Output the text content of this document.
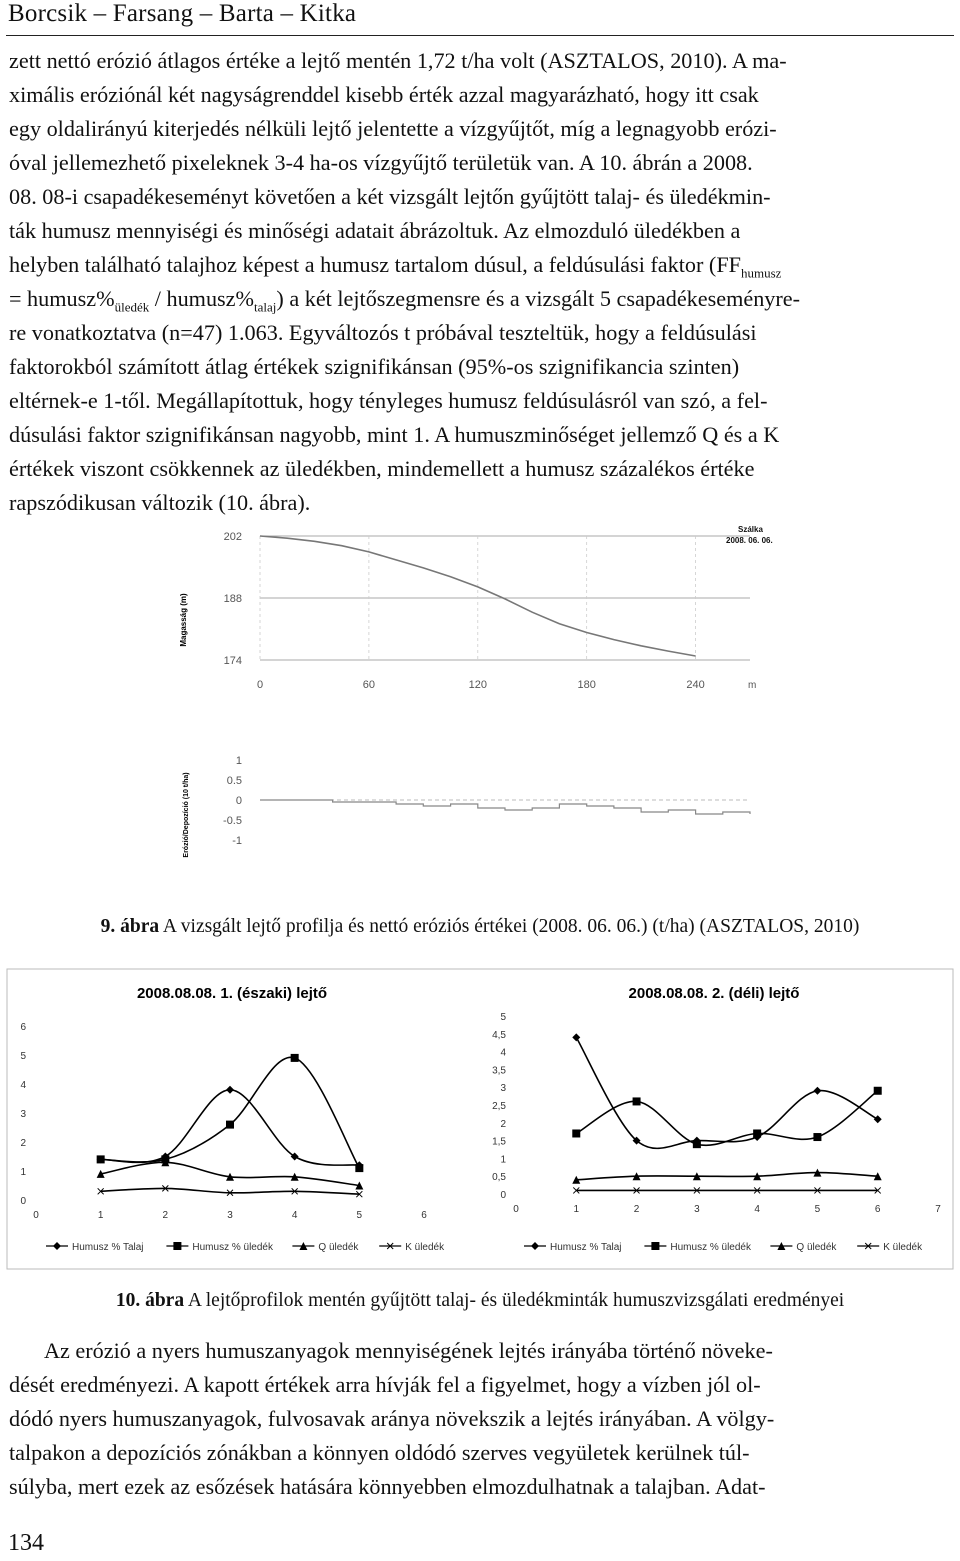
Borcsik – Farsang – Barta – Kitka

zett nettó erózió átlagos értéke a lejtő mentén 1,72 t/ha volt (ASZTALOS, 2010). A ma-

ximális eróziónál két nagyságrenddel kisebb érték azzal magyarázható, hogy itt csak

egy oldalirányú kiterjedés nélküli lejtő jelentette a vízgyűjtőt, míg a legnagyobb erózi-

óval jellemezhető pixeleknek 3-4 ha-os vízgyűjtő területük van. A 10. ábrán a 2008.

08. 08-i csapadékeseményt követően a két vizsgált lejtőn gyűjtött talaj- és üledékmin-

ták humusz mennyiségi és minőségi adatait ábrázoltuk. Az elmozduló üledékben a

helyben található talajhoz képest a humusz tartalom dúsul, a feldúsulási faktor ($FF_{humusz}$

= $humusz\%_{üledék}$ / $humusz\%_{talaj}$) a két lejtőszegmensre és a vizsgált 5 csapadékeseményre-

re vonatkoztatva (n=47) 1.063. Egyváltozós t próbával teszteltük, hogy a feldúsulási

faktorokból számított átlag értékek szignifikánsan (95%-os szignifikancia szinten)

eltérnek-e 1-től. Megállapítottuk, hogy tényleges humusz feldúsulásról van szó, a fel-

dúsulási faktor szignifikánsan nagyobb, mint 1. A humuszminőséget jellemző Q és a K

értékek viszont csökkennek az üledékben, mindemellett a humusz százalékos értéke

rapszódikusan változik (10. ábra).

174
188
202
0	60	120	180	240
-1
-0.5
0
0.5
1
Szálka
2008. 06. 06.
Magasság (m)
m
Erózió/Depozíció (10 t/ha)
9. ábra A vizsgált lejtő profilja és nettó eróziós értékei (2008. 06. 06.) (t/ha) (ASZTALOS, 2010)
0
1
2
3
4
5
6
0	1	2	3	4	5	6
0
0,5
1
1,5
2
2,5
3
3,5
4
4,5
5
0	1	2	3	4	5	6	7
2008.08.08. 1. (északi) lejtő	2008.08.08. 2. (déli) lejtő
Humusz % Talaj	Humusz % üledék	Q üledék	K üledék	Humusz % Talaj	Humusz % üledék	Q üledék	K üledék
10. ábra A lejtőprofilok mentén gyűjtött talaj- és üledékminták humuszvizsgálati eredményei

Az erózió a nyers humuszanyagok mennyiségének lejtés irányába történő növeke-

dését eredményezi. A kapott értékek arra hívják fel a figyelmet, hogy a vízben jól ol-

dódó nyers humuszanyagok, fulvosavak aránya növekszik a lejtés irányában. A völgy-

talpakon a depozíciós zónákban a könnyen oldódó szerves vegyületek kerülnek túl-

súlyba, mert ezek az esőzések hatására könnyebben elmozdulhatnak a talajban. Adat-

134
